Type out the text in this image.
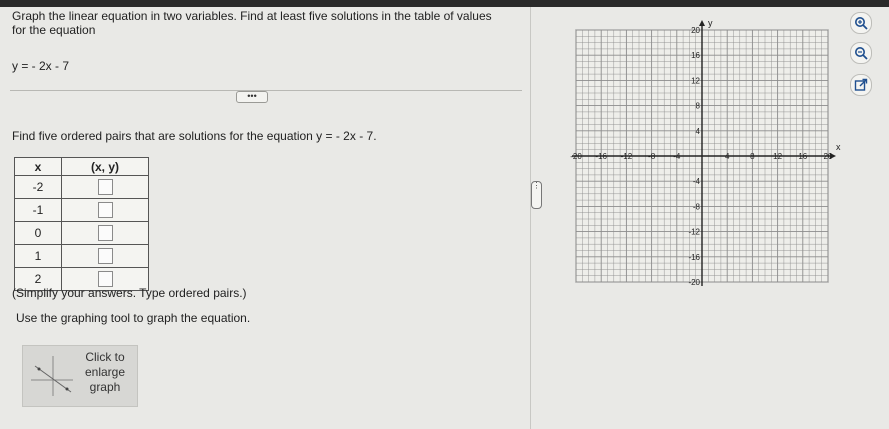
Graph the linear equation in two variables. Find at least five solutions in the table of values
for the equation
y = - 2x - 7
•••
Find five ordered pairs that are solutions for the equation y = - 2x - 7.
x	(x, y)
-2	
-1	
0	
1	
2	
(Simplify your answers. Type ordered pairs.)
Use the graphing tool to graph the equation.
Click to
enlarge
graph
⋮
x
y
-20 -16 -12 -8 -4	4	8 12 16 20
20
16
12
8
4
-4
-8
-12
-16
-20
